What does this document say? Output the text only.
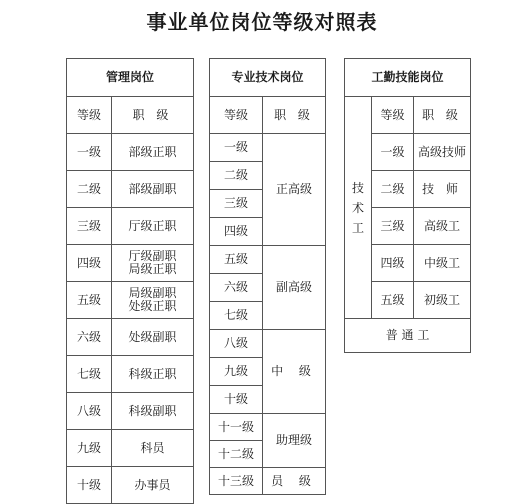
事业单位岗位等级对照表
管理岗位	
等级	职 级
一级	部级正职
二级	部级副职
三级	厅级正职
四级	厅级副职
局级正职
五级	局级副职
处级正职
六级	处级副职
七级	科级正职
八级	科级副职
九级	科员
十级	办事员
专业技术岗位	
等级	职 级
一级	正高级
二级	
三级	
四级	
五级	副高级
六级	
七级	
八级	中 级
九级	
十级	
十一级	助理级
十二级	
十三级	员 级
工勤技能岗位		

技
术
工	等级	职 级
	一级	高级技师
	二级	技 师
	三级	高级工
	四级	中级工
	五级	初级工
普 通 工		
